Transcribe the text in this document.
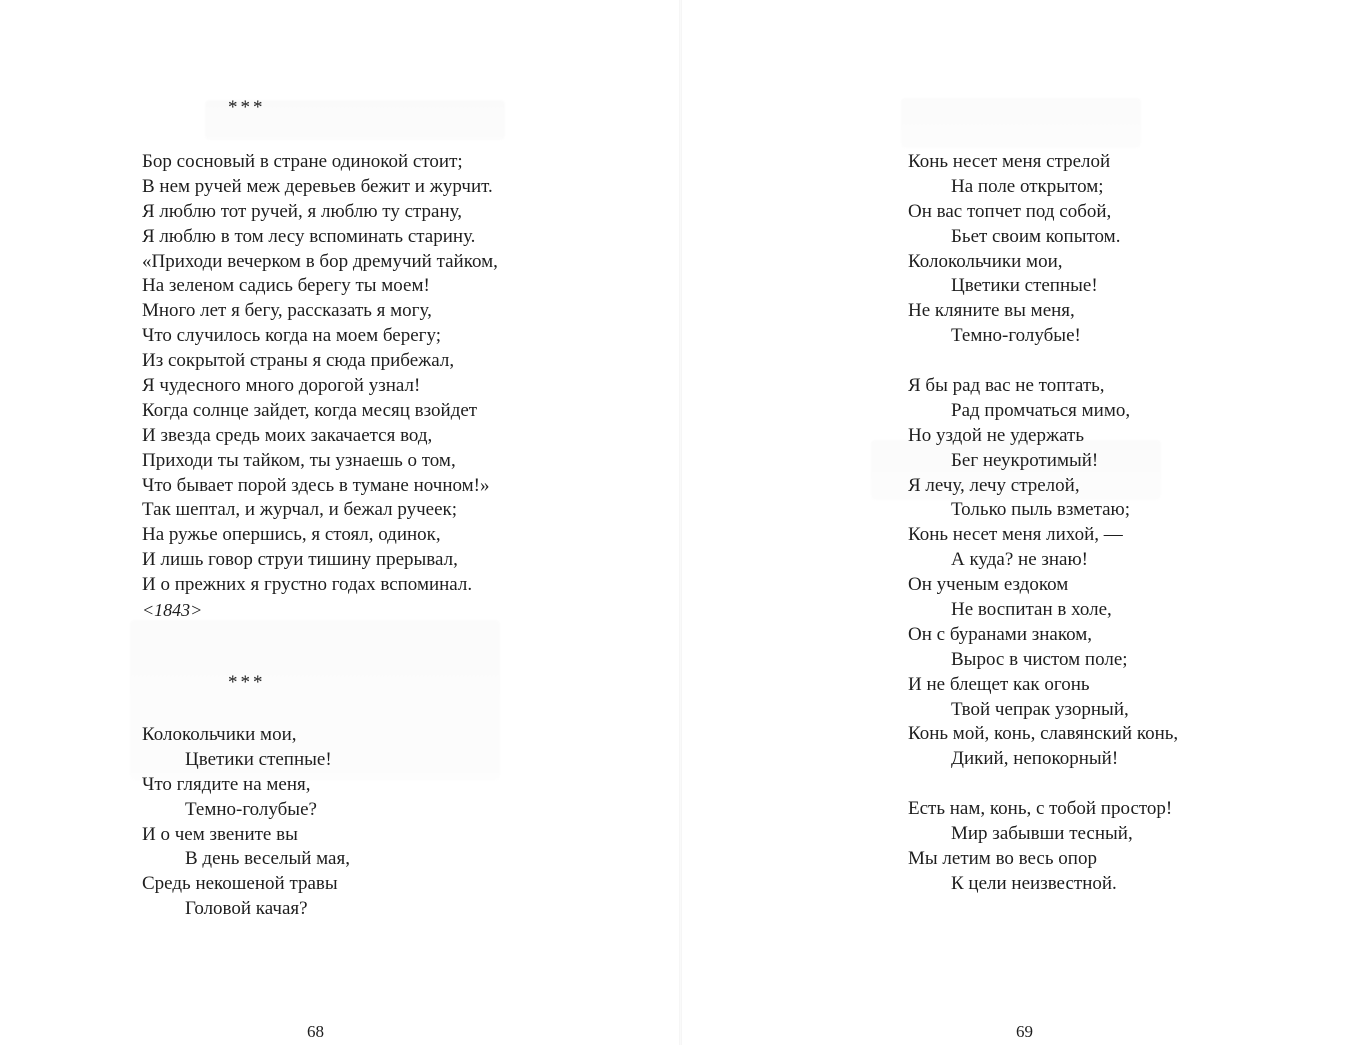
***

Бор сосновый в стране одинокой стоит;
В нем ручей меж деревьев бежит и журчит.
Я люблю тот ручей, я люблю ту страну,
Я люблю в том лесу вспоминать старину.
«Приходи вечерком в бор дремучий тайком,
На зеленом садись берегу ты моем!
Много лет я бегу, рассказать я могу,
Что случилось когда на моем берегу;
Из сокрытой страны я сюда прибежал,
Я чудесного много дорогой узнал!
Когда солнце зайдет, когда месяц взойдет
И звезда средь моих закачается вод,
Приходи ты тайком, ты узнаешь о том,
Что бывает порой здесь в тумане ночном!»
Так шептал, и журчал, и бежал ручеек;
На ружье опершись, я стоял, одинок,
И лишь говор струи тишину прерывал,
И о прежних я грустно годах вспоминал.

<1843>

***

Колокольчики мои,
Цветики степные!
Что глядите на меня,
Темно-голубые?
И о чем звените вы
В день веселый мая,
Средь некошеной травы
Головой качая?

68

Конь несет меня стрелой
На поле открытом;
Он вас топчет под собой,
Бьет своим копытом.
Колокольчики мои,
Цветики степные!
Не кляните вы меня,
Темно-голубые!
Я бы рад вас не топтать,
Рад промчаться мимо,
Но уздой не удержать
Бег неукротимый!
Я лечу, лечу стрелой,
Только пыль взметаю;
Конь несет меня лихой, —
А куда? не знаю!
Он ученым ездоком
Не воспитан в холе,
Он с буранами знаком,
Вырос в чистом поле;
И не блещет как огонь
Твой чепрак узорный,
Конь мой, конь, славянский конь,
Дикий, непокорный!
Есть нам, конь, с тобой простор!
Мир забывши тесный,
Мы летим во весь опор
К цели неизвестной.

69
